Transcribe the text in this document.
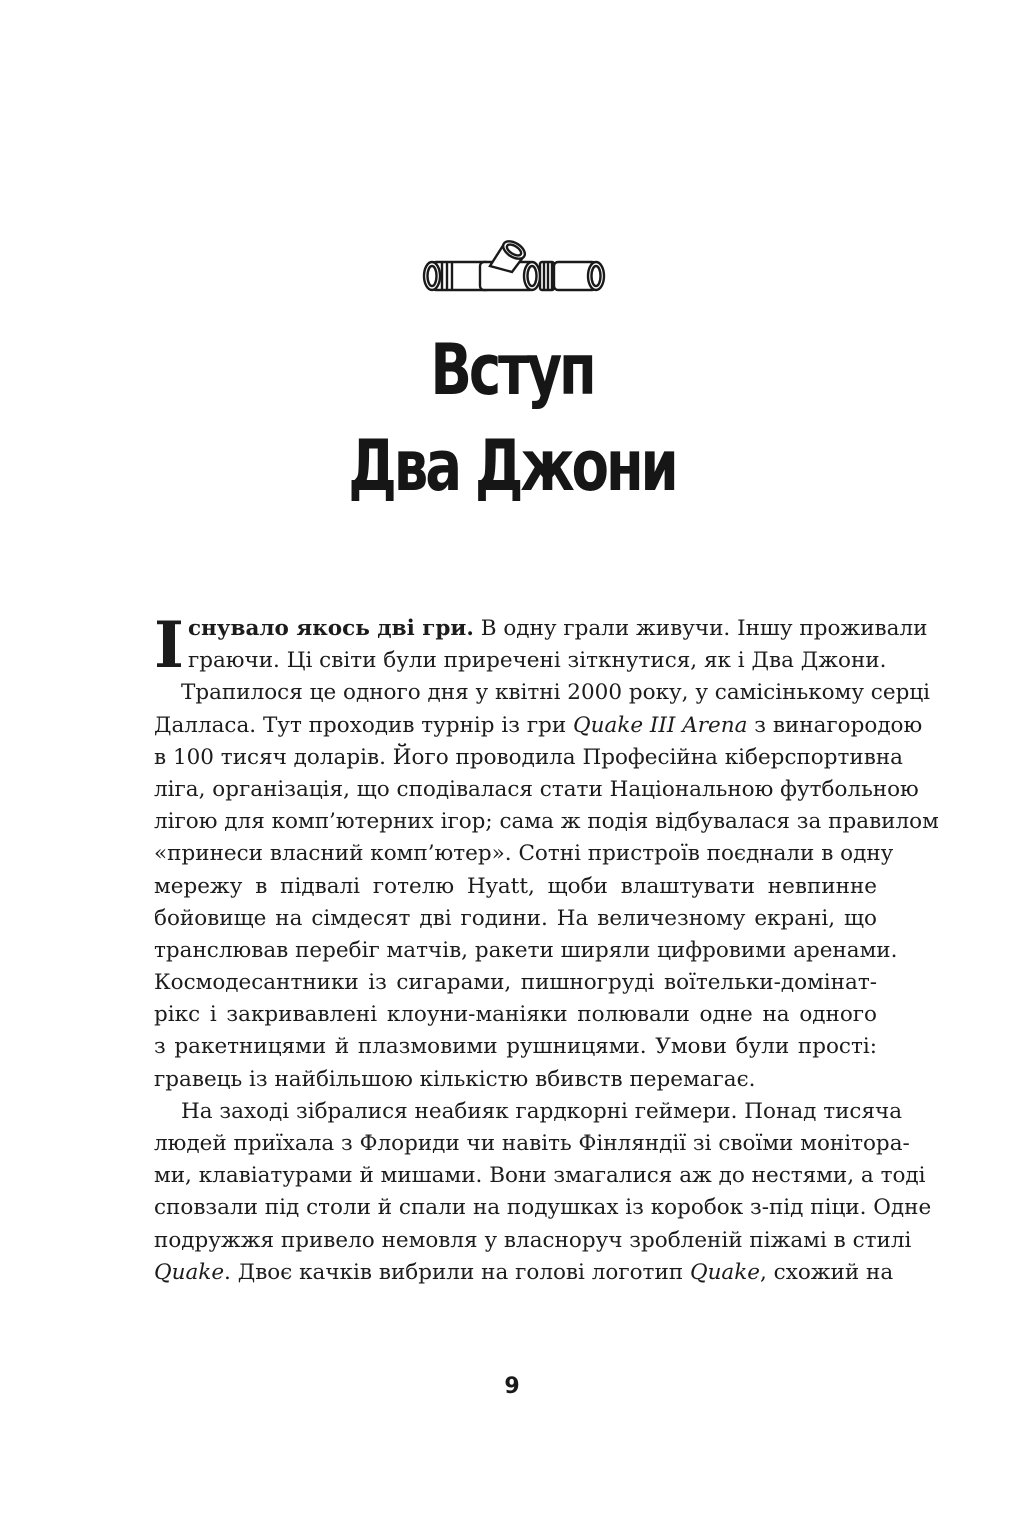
Вступ
Два Джони
І снувало якось дві гри. В одну грали живучи. Іншу проживали
граючи. Ці світи були приречені зіткнутися, як і Два Джони.
Трапилося це одного дня у квітні 2000 року, у самісінькому серці
Далласа. Тут проходив турнір із гри Quake III Arena з винагородою
в 100 тисяч доларів. Його проводила Професійна кіберспортивна
ліга, організація, що сподівалася стати Національною футбольною
лігою для комп’ютерних ігор; сама ж подія відбувалася за правилом
«принеси власний комп’ютер». Сотні пристроїв поєднали в одну
мережу в підвалі готелю Hyatt, щоби влаштувати невпинне
бойовище на сімдесят дві години. На величезному екрані, що
транслював перебіг матчів, ракети ширяли цифровими аренами.
Космодесантники із сигарами, пишногруді воїтельки-домінат-
рікс і закривавлені клоуни-маніяки полювали одне на одного
з ракетницями й плазмовими рушницями. Умови були прості:
гравець із найбільшою кількістю вбивств перемагає.
На заході зібралися неабияк гардкорні геймери. Понад тисяча
людей приїхала з Флориди чи навіть Фінляндії зі своїми монітора-
ми, клавіатурами й мишами. Вони змагалися аж до нестями, а тоді
сповзали під столи й спали на подушках із коробок з-під піци. Одне
подружжя привело немовля у власноруч зробленій піжамі в стилі
Quake. Двоє качків вибрили на голові логотип Quake, схожий на
9
